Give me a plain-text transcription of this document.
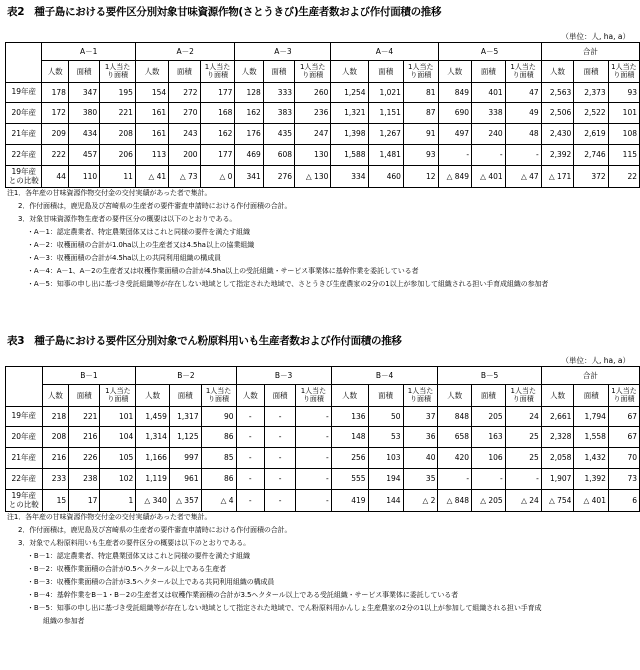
表2　種子島における要件区分別対象甘味資源作物(さとうきび)生産者数および作付面積の推移
（単位：人, ha, a）
	A－1			A－2			A－3			A－4			A－5			合計		
	人数	面積	1人当た り面積	人数	面積	1人当た り面積	人数	面積	1人当た り面積	人数	面積	1人当た り面積	人数	面積	1人当た り面積	人数	面積	1人当た り面積
19年産	178	347	195	154	272	177	128	333	260	1,254	1,021	81	849	401	47	2,563	2,373	93
20年産	172	380	221	161	270	168	162	383	236	1,321	1,151	87	690	338	49	2,506	2,522	101
21年産	209	434	208	161	243	162	176	435	247	1,398	1,267	91	497	240	48	2,430	2,619	108
22年産	222	457	206	113	200	177	469	608	130	1,588	1,481	93	-	-	-	2,392	2,746	115
19年産 との比較	44	110	11	△ 41	△ 73	△ 0	341	276	△ 130	334	460	12	△ 849	△ 401	△ 47	△ 171	372	22
注1．各年産の甘味資源作物交付金の交付実績があった者で集計。
2．作付面積は，鹿児島及び宮崎県の生産者の要件審査申請時における作付面積の合計。
3．対象甘味資源作物生産者の要件区分の概要は以下のとおりである。
・A－1：認定農業者、特定農業団体又はこれと同様の要件を満たす組織
・A－2：収穫面積の合計が1.0ha以上の生産者又は4.5ha以上の協業組織
・A－3：収穫面積の合計が4.5ha以上の共同利用組織の構成員
・A－4：A－1、A－2の生産者又は収穫作業面積の合計が4.5ha以上の受託組織・サービス事業体に基幹作業を委託している者
・A－5：知事の申し出に基づき受託組織等が存在しない地域として指定された地域で、さとうきび生産農家の2分の1以上が参加して組織される担い手育成組織の参加者
表3　種子島における要件区分別対象でん粉原料用いも生産者数および作付面積の推移
（単位：人, ha, a）
	B－1			B－2			B－3			B－4			B－5			合計		
	人数	面積	1人当た り面積	人数	面積	1人当た り面積	人数	面積	1人当た り面積	人数	面積	1人当た り面積	人数	面積	1人当た り面積	人数	面積	1人当た り面積
19年産	218	221	101	1,459	1,317	90	-	-	-	136	50	37	848	205	24	2,661	1,794	67
20年産	208	216	104	1,314	1,125	86	-	-	-	148	53	36	658	163	25	2,328	1,558	67
21年産	216	226	105	1,166	997	85	-	-	-	256	103	40	420	106	25	2,058	1,432	70
22年産	233	238	102	1,119	961	86	-	-	-	555	194	35	-	-	-	1,907	1,392	73
19年産 との比較	15	17	1	△ 340	△ 357	△ 4	-	-	-	419	144	△ 2	△ 848	△ 205	△ 24	△ 754	△ 401	6
注1．各年産の甘味資源作物交付金の交付実績があった者で集計。
2．作付面積は，鹿児島及び宮崎県の生産者の要件審査申請時における作付面積の合計。
3．対象でん粉原料用いも生産者の要件区分の概要は以下のとおりである。
・B－1：認定農業者、特定農業団体又はこれと同様の要件を満たす組織
・B－2：収穫作業面積の合計が0.5ヘクタール以上である生産者
・B－3：収穫作業面積の合計が3.5ヘクタール以上である共同利用組織の構成員
・B－4：基幹作業をB－1・B－2の生産者又は収穫作業面積の合計が3.5ヘクタール以上である受託組織・サービス事業体に委託している者
・B－5：知事の申し出に基づき受託組織等が存在しない地域として指定された地域で、でん粉原料用かんしょ生産農家の2分の1以上が参加して組織される担い手育成
組織の参加者
